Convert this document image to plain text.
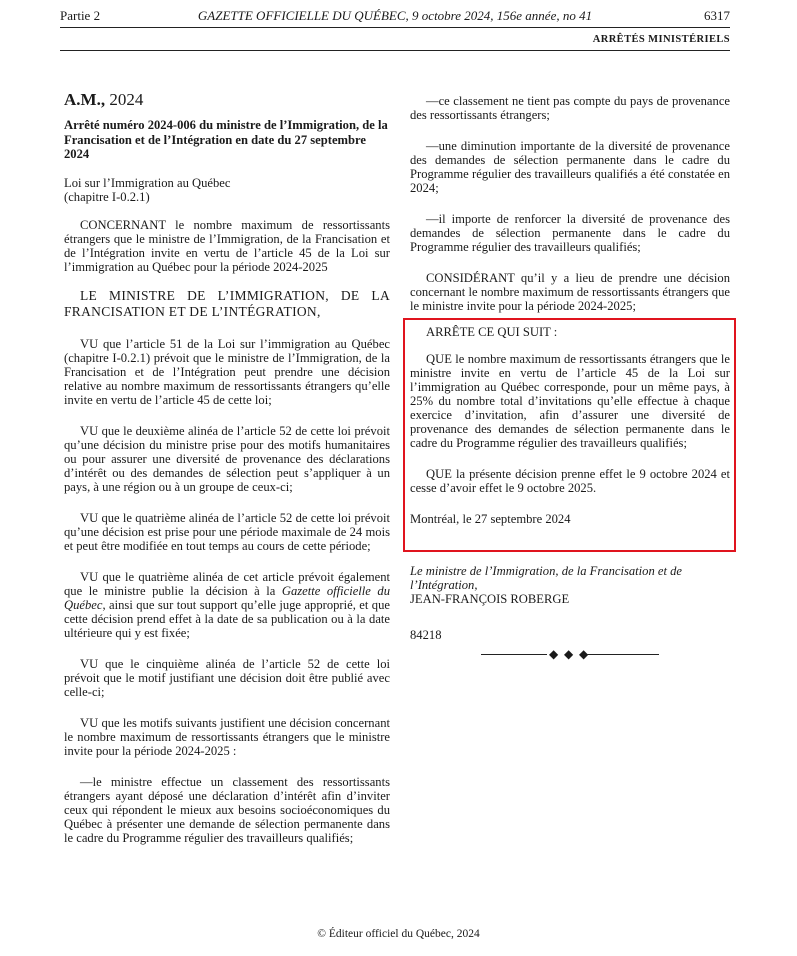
Partie 2	GAZETTE OFFICIELLE DU QUÉBEC, 9 octobre 2024, 156e année, no 41	6317
ARRÊTÉS MINISTÉRIELS
A.M., 2024

Arrêté numéro 2024-006 du ministre de l’Immigration, de la Francisation et de l’Intégration en date du 27 septembre 2024

Loi sur l’Immigration au Québec

(chapitre I-0.2.1)

CONCERNANT le nombre maximum de ressortissants étrangers que le ministre de l’Immigration, de la Francisation et de l’Intégration invite en vertu de l’article 45 de la Loi sur l’immigration au Québec pour la période 2024-2025

LE MINISTRE DE L’IMMIGRATION, DE LA FRANCISATION ET DE L’INTÉGRATION,

VU que l’article 51 de la Loi sur l’immigration au Québec (chapitre I-0.2.1) prévoit que le ministre de l’Immigration, de la Francisation et de l’Intégration peut prendre une décision relative au nombre maximum de ressortissants étrangers qu’elle invite en vertu de l’article 45 de cette loi;

VU que le deuxième alinéa de l’article 52 de cette loi prévoit qu’une décision du ministre prise pour des motifs humanitaires ou pour assurer une diversité de provenance des déclarations d’intérêt ou des demandes de sélection peut s’appliquer à un pays, à une région ou à un groupe de ceux-ci;

VU que le quatrième alinéa de l’article 52 de cette loi prévoit qu’une décision est prise pour une période maximale de 24 mois et peut être modifiée en tout temps au cours de cette période;

VU que le quatrième alinéa de cet article prévoit également que le ministre publie la décision à la Gazette officielle du Québec, ainsi que sur tout support qu’elle juge approprié, et que cette décision prend effet à la date de sa publication ou à la date ultérieure qui y est fixée;

VU que le cinquième alinéa de l’article 52 de cette loi prévoit que le motif justifiant une décision doit être publié avec celle-ci;

VU que les motifs suivants justifient une décision concernant le nombre maximum de ressortissants étrangers que le ministre invite pour la période 2024-2025 :

—le ministre effectue un classement des ressortissants étrangers ayant déposé une déclaration d’intérêt afin d’inviter ceux qui répondent le mieux aux besoins socioéconomiques du Québec à présenter une demande de sélection permanente dans le cadre du Programme régulier des travailleurs qualifiés;

—ce classement ne tient pas compte du pays de provenance des ressortissants étrangers;

—une diminution importante de la diversité de provenance des demandes de sélection permanente dans le cadre du Programme régulier des travailleurs qualifiés a été constatée en 2024;

—il importe de renforcer la diversité de provenance des demandes de sélection permanente dans le cadre du Programme régulier des travailleurs qualifiés;

CONSIDÉRANT qu’il y a lieu de prendre une décision concernant le nombre maximum de ressortissants étrangers que le ministre invite pour la période 2024-2025;

ARRÊTE CE QUI SUIT :

QUE le nombre maximum de ressortissants étrangers que le ministre invite en vertu de l’article 45 de la Loi sur l’immigration au Québec corresponde, pour un même pays, à 25% du nombre total d’invitations qu’elle effectue à chaque exercice d’invitation, afin d’assurer une diversité de provenance des demandes de sélection permanente dans le cadre du Programme régulier des travailleurs qualifiés;

QUE la présente décision prenne effet le 9 octobre 2024 et cesse d’avoir effet le 9 octobre 2025.

Montréal, le 27 septembre 2024

Le ministre de l’Immigration, de la Francisation et de l’Intégration,

JEAN-FRANÇOIS ROBERGE

84218

◆ ◆ ◆
© Éditeur officiel du Québec, 2024
